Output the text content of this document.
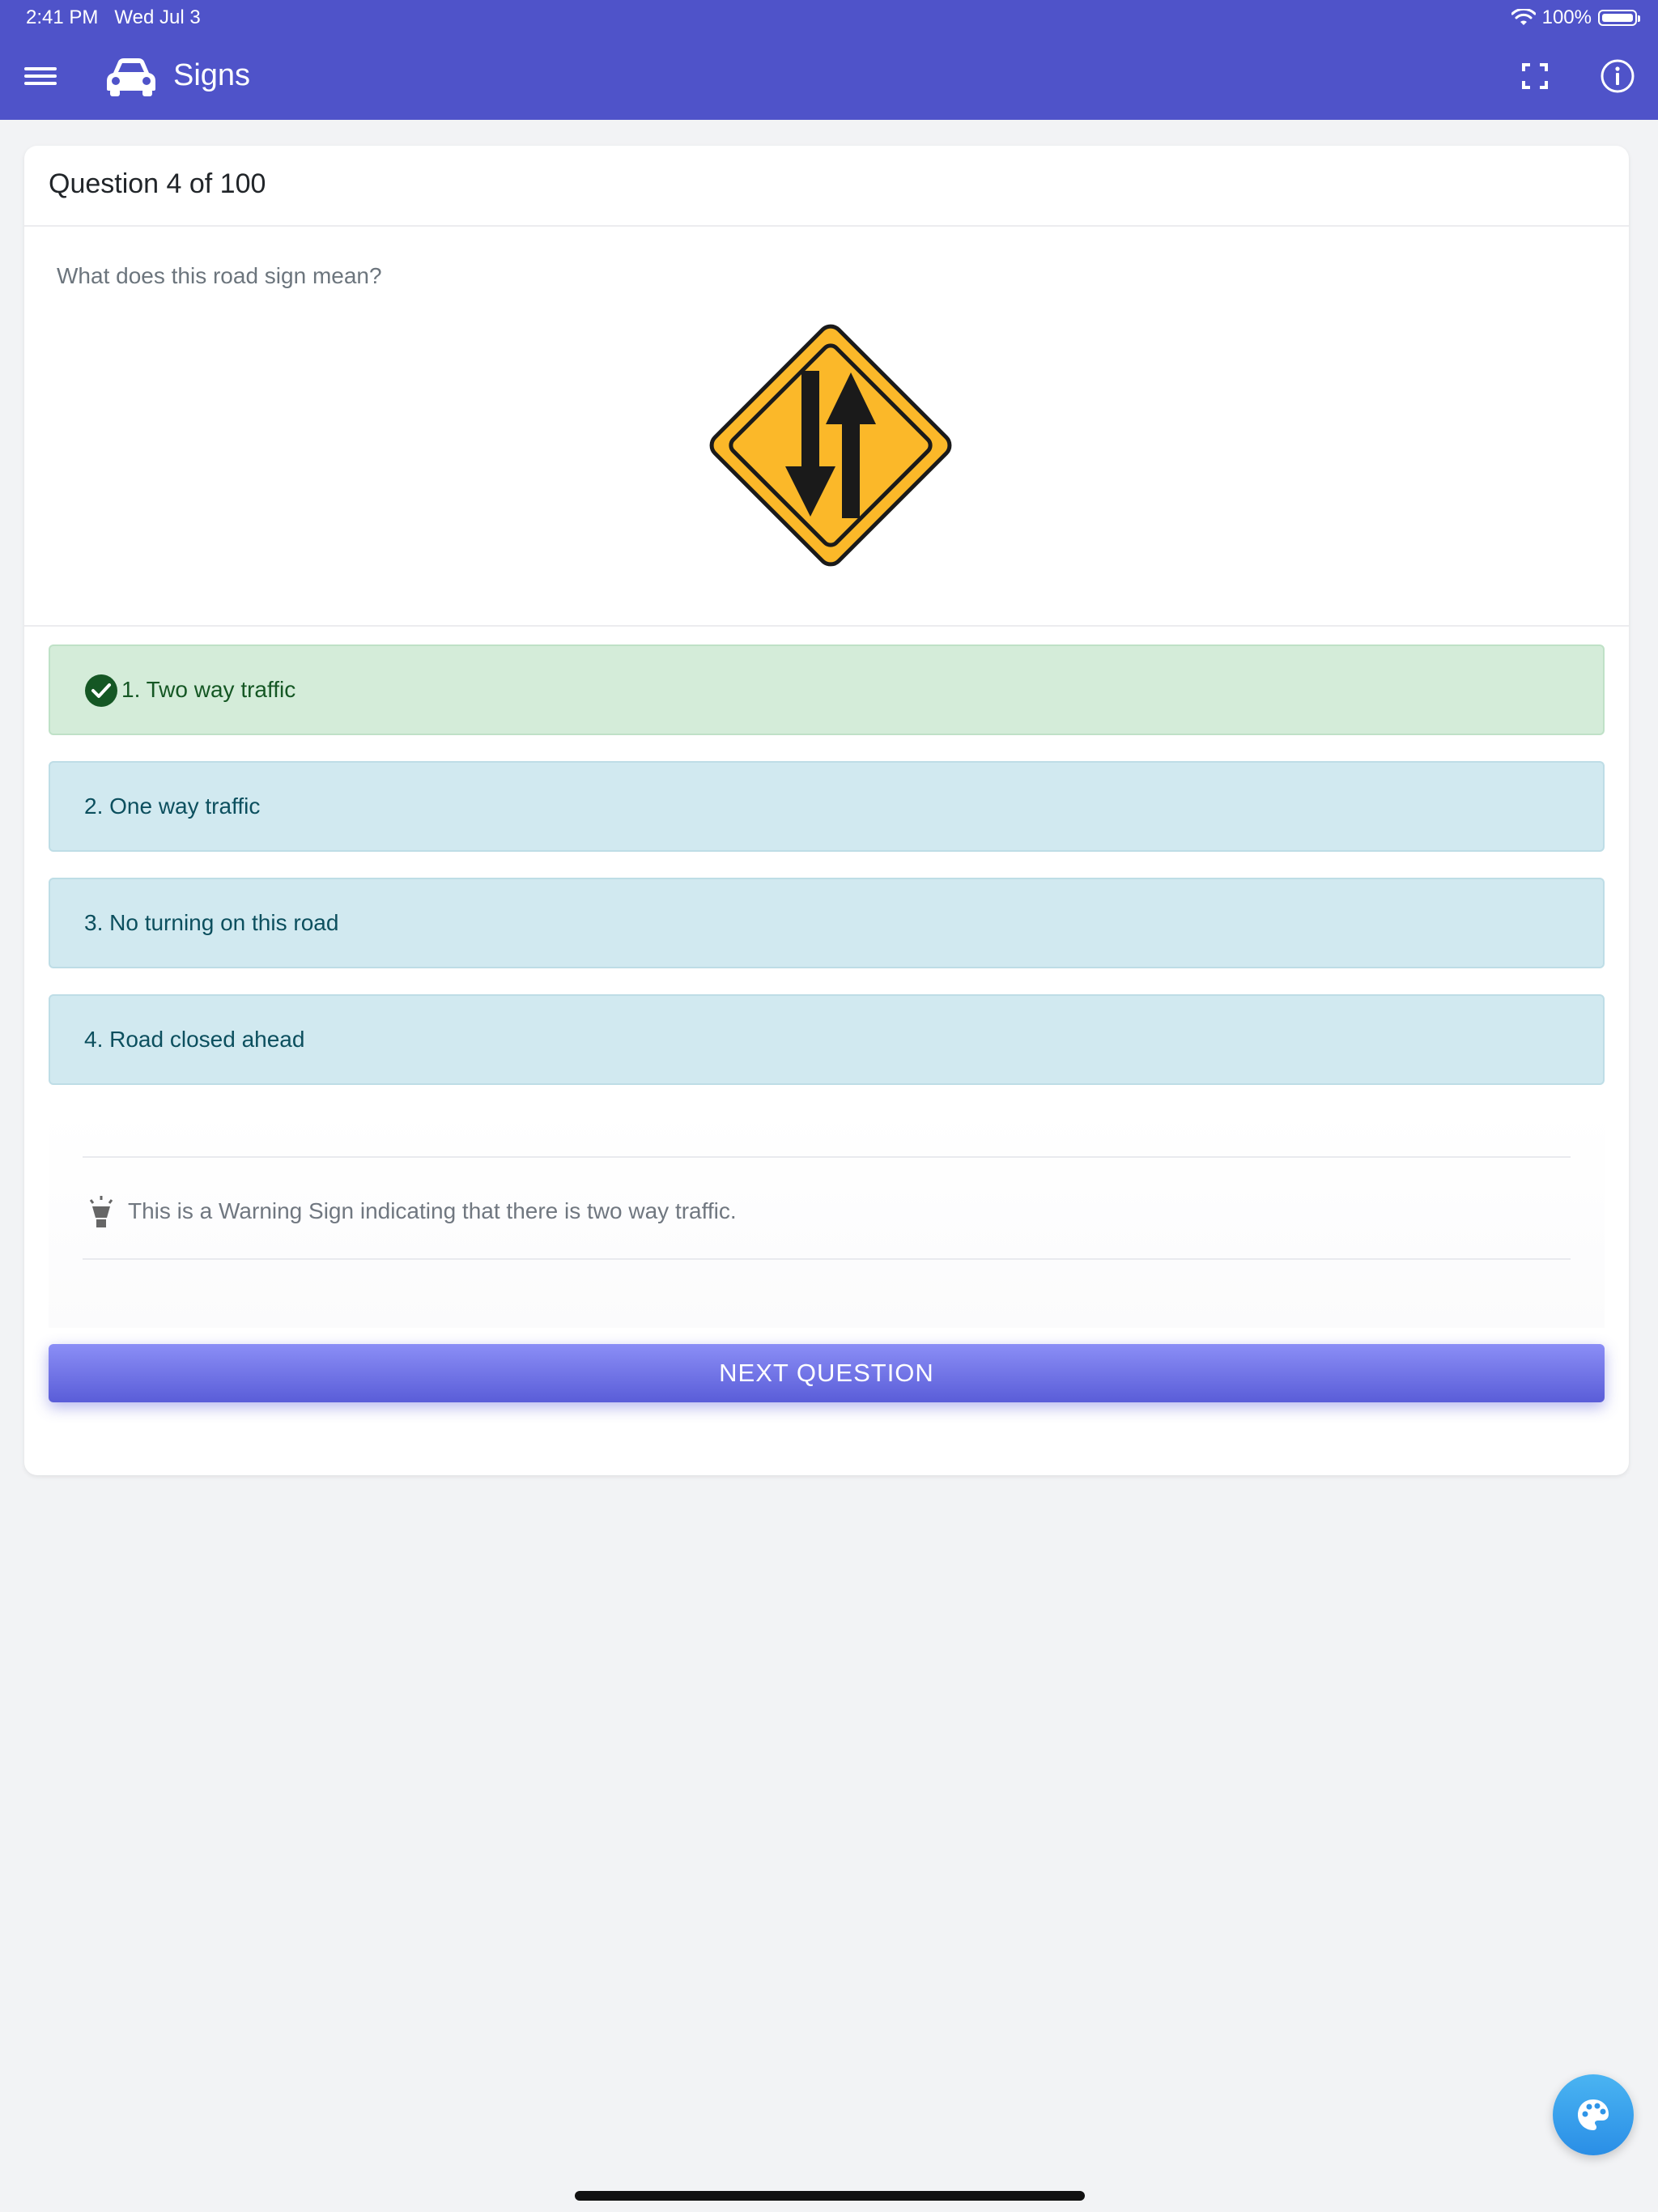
2:41 PM Wed Jul 3	100%
Signs
Question 4 of 100
What does this road sign mean?
1. Two way traffic
2. One way traffic
3. No turning on this road
4. Road closed ahead
This is a Warning Sign indicating that there is two way traffic.
NEXT QUESTION
